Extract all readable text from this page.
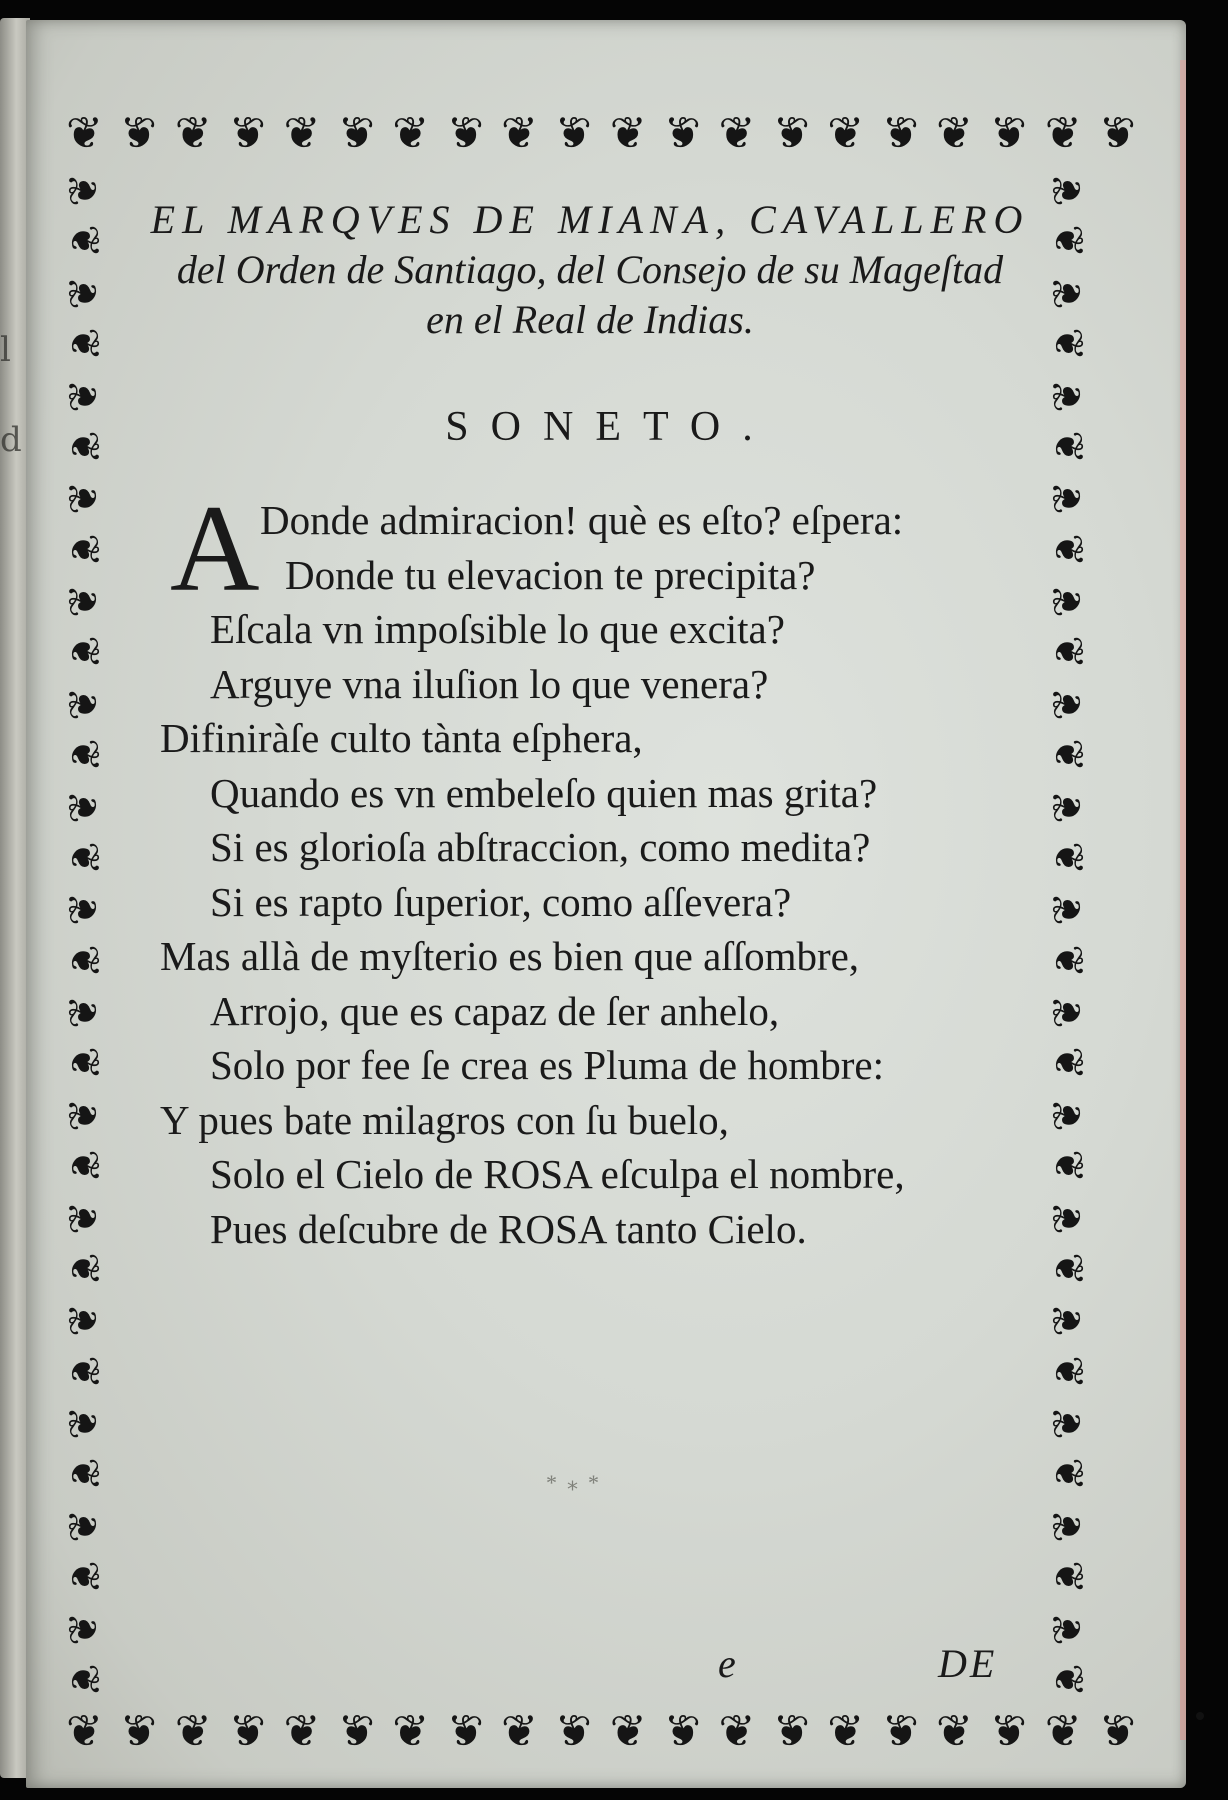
l
d
❦ ❦ ❦ ❦ ❦ ❦ ❦ ❦ ❦ ❦ ❦ ❦ ❦ ❦ ❦ ❦ ❦ ❦ ❦ ❦
❦ ❦ ❦ ❦ ❦ ❦ ❦ ❦ ❦ ❦ ❦ ❦ ❦ ❦ ❦ ❦ ❦ ❦ ❦ ❦
❦
❦
❦
❦
❦
❦
❦
❦
❦
❦
❦
❦
❦
❦
❦
❦
❦
❦
❦
❦
❦
❦
❦
❦
❦
❦
❦
❦
❦
❦
❦
❦
❦
❦
❦
❦
❦
❦
❦
❦
❦
❦
❦
❦
❦
❦
❦
❦
❦
❦
❦
❦
❦
❦
❦
❦
❦
❦
❦
❦
EL MARQVES DE MIANA, CAVALLERO
del Orden de Santiago, del Consejo de su Mageſtad
en el Real de Indias.
SONETO.
A Donde admiracion! què es eſto? eſpera:
Donde tu elevacion te precipita?
Eſcala vn impoſsible lo que excita?
Arguye vna iluſion lo que venera?
Difiniràſe culto tànta eſphera,
Quando es vn embeleſo quien mas grita?
Si es glorioſa abſtraccion, como medita?
Si es rapto ſuperior, como aſſevera?
Mas allà de myſterio es bien que aſſombre,
Arrojo, que es capaz de ſer anhelo,
Solo por fee ſe crea es Pluma de hombre:
Y pues bate milagros con ſu buelo,
Solo el Cielo de ROSA eſculpa el nombre,
Pues deſcubre de ROSA tanto Cielo.
*⁎*
e	DE
